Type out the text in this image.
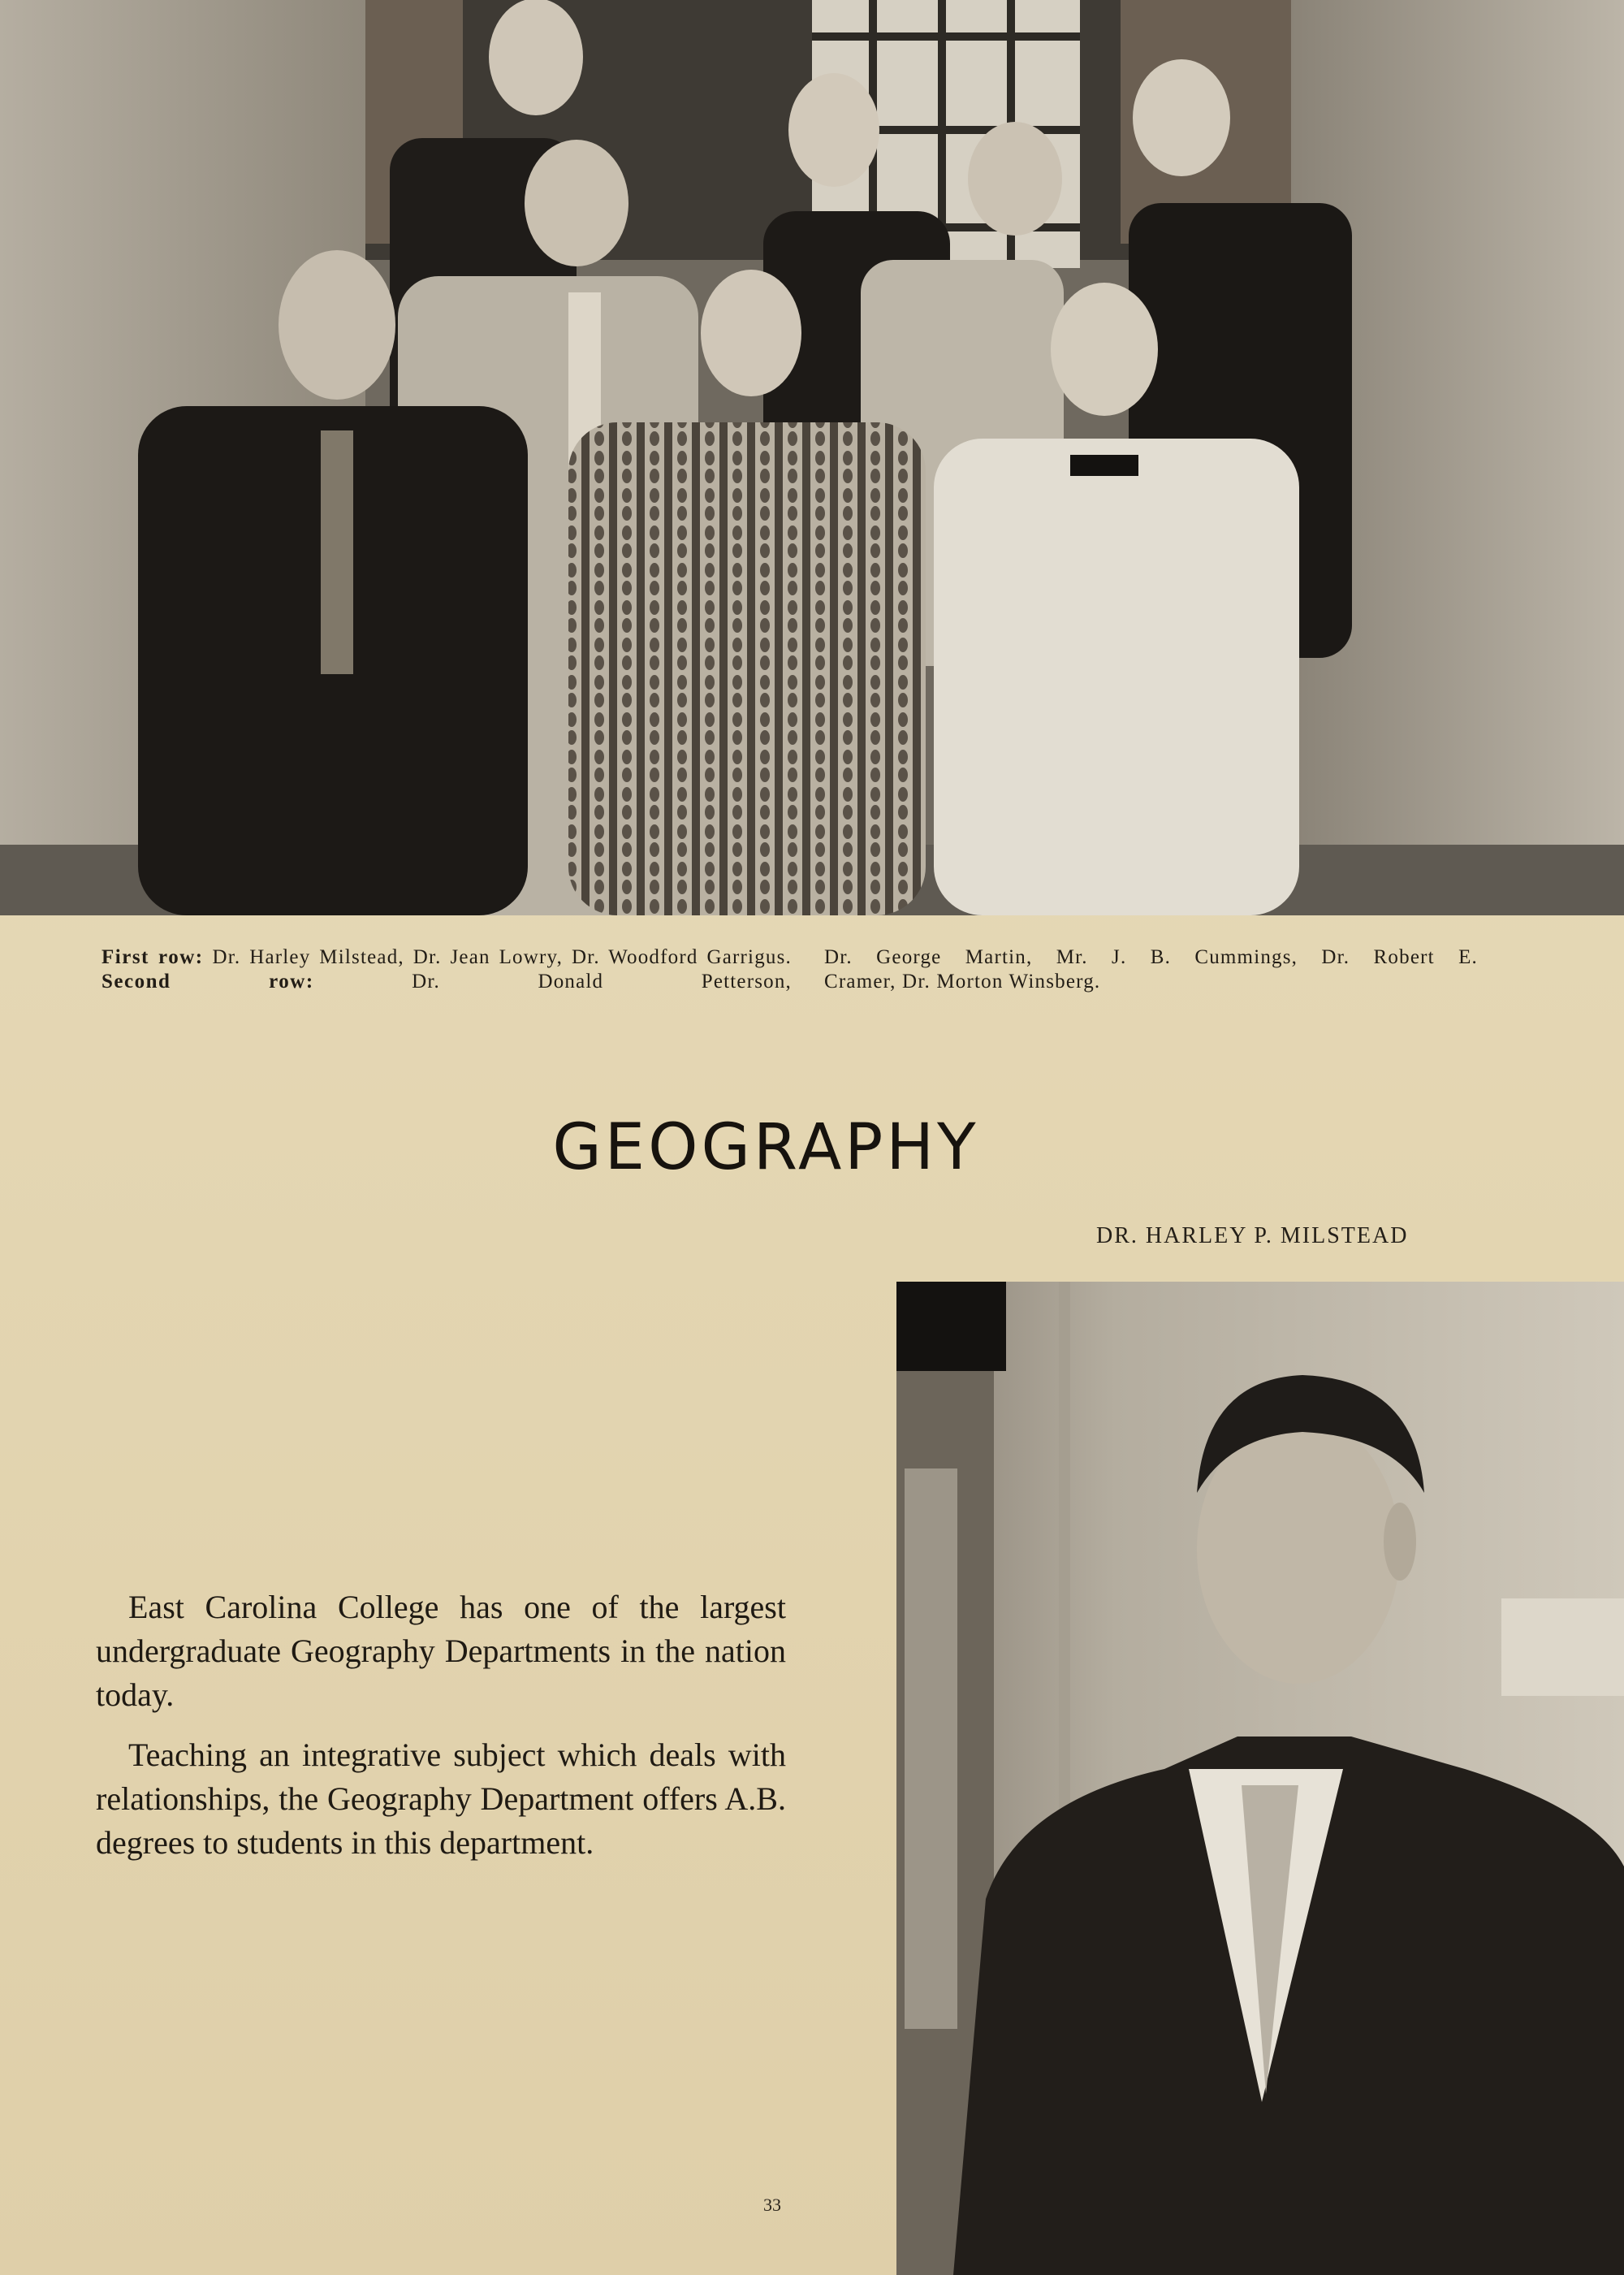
First row: Dr. Harley Milstead, Dr. Jean Lowry, Dr. Woodford Garrigus. Second row:	Dr. Donald Petterson,
Dr. George Martin, Mr. J. B. Cummings, Dr. Robert E.
Cramer, Dr. Morton Winsberg.
GEOGRAPHY
DR. HARLEY P. MILSTEAD

East Carolina College has one of the largest undergraduate Geography Departments in the nation today.

Teaching an integrative subject which deals with relationships, the Geography Department offers A.B. degrees to students in this department.

33
